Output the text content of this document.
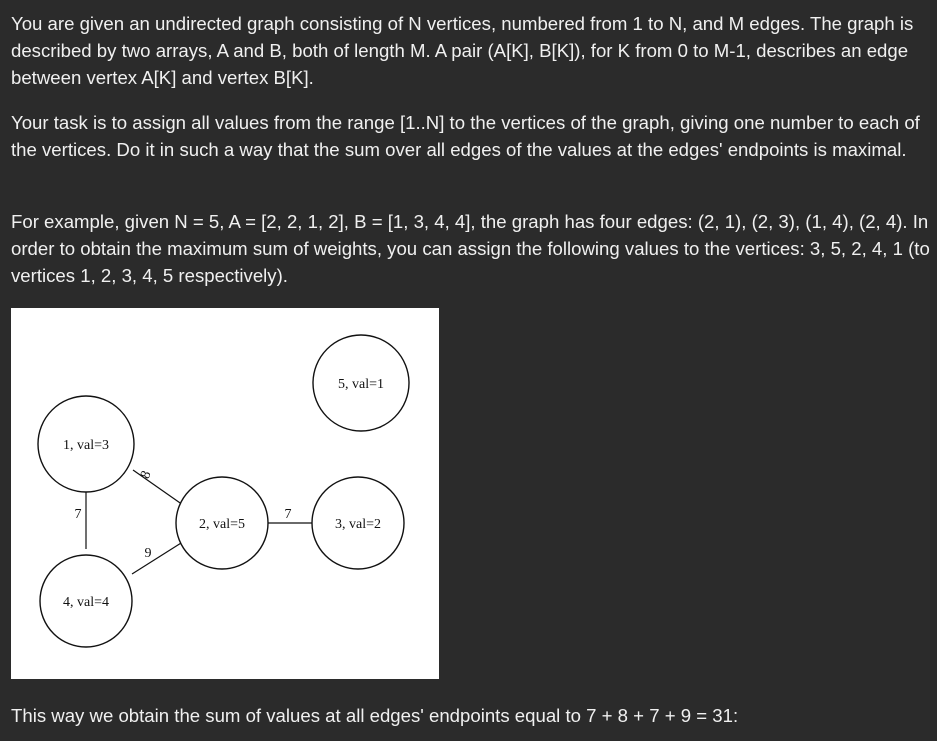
You are given an undirected graph consisting of N vertices, numbered from 1 to N, and M edges. The graph is described by two arrays, A and B, both of length M. A pair (A[K], B[K]), for K from 0 to M-1, describes an edge between vertex A[K] and vertex B[K].

Your task is to assign all values from the range [1..N] to the vertices of the graph, giving one number to each of the vertices. Do it in such a way that the sum over all edges of the values at the edges' endpoints is maximal.

For example, given N = 5, A = [2, 2, 1, 2], B = [1, 3, 4, 4], the graph has four edges: (2, 1), (2, 3), (1, 4), (2, 4). In order to obtain the maximum sum of weights, you can assign the following values to the vertices: 3, 5, 2, 4, 1 (to vertices 1, 2, 3, 4, 5 respectively).

1, val=3
2, val=5	3, val=2
4, val=4
5, val=1
8
7
9
7

This way we obtain the sum of values at all edges' endpoints equal to 7 + 8 + 7 + 9 = 31:
